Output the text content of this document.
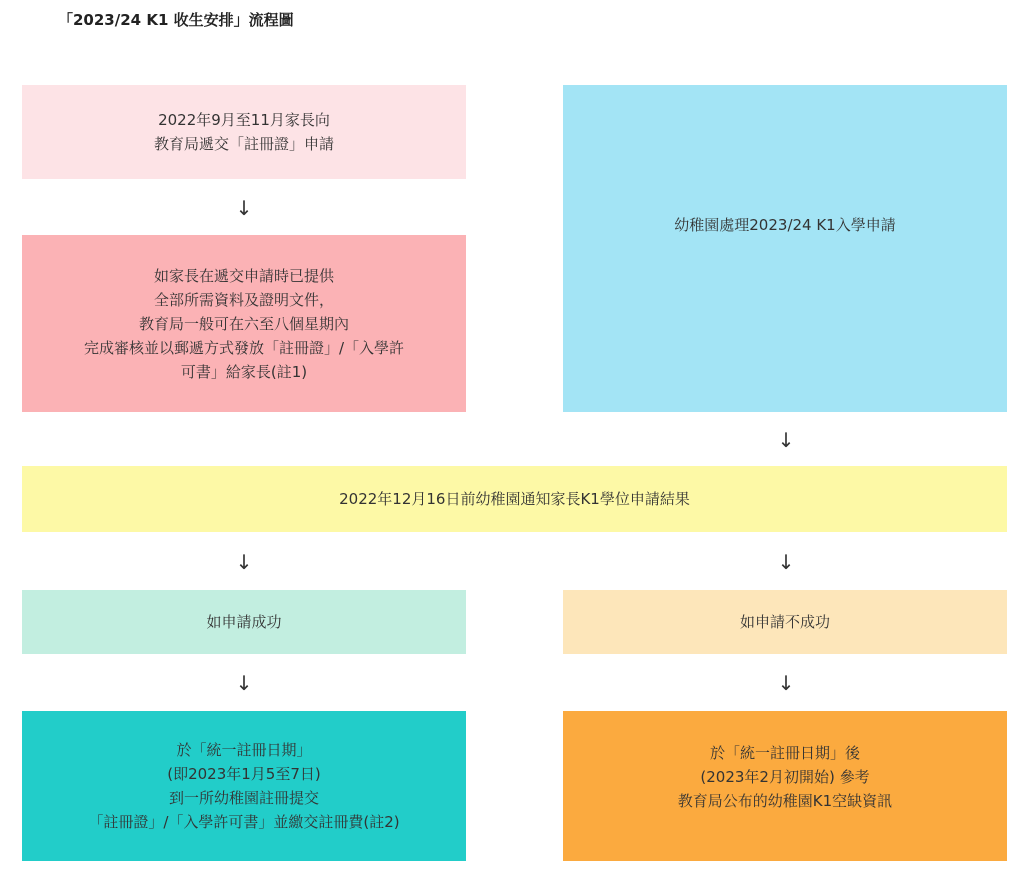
「2023/24 K1 收生安排」流程圖
2022年9月至11月家長向
教育局遞交「註冊證」申請
↓
如家長在遞交申請時已提供
全部所需資料及證明文件，
教育局一般可在六至八個星期內
完成審核並以郵遞方式發放「註冊證」/「入學許
可書」給家長(註1)
幼稚園處理2023/24 K1入學申請
↓
2022年12月16日前幼稚園通知家長K1學位申請結果
↓	↓
如申請成功	如申請不成功
↓	↓
於「統一註冊日期」
(即2023年1月5至7日)
到一所幼稚園註冊提交
「註冊證」/「入學許可書」並繳交註冊費(註2)
於「統一註冊日期」後
(2023年2月初開始) 參考
教育局公布的幼稚園K1空缺資訊
